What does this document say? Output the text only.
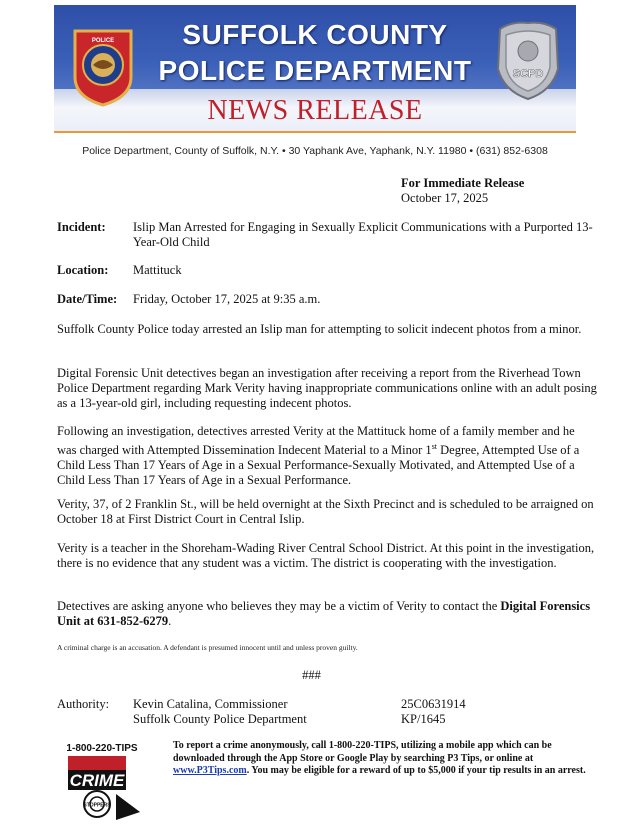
POLICE	SUFFOLK COUNTY
POLICE DEPARTMENT
NEWS RELEASE
SCPD
Police Department, County of Suffolk, N.Y. • 30 Yaphank Ave, Yaphank, N.Y. 11980 • (631) 852-6308
For Immediate Release
October 17, 2025
Incident: Islip Man Arrested for Engaging in Sexually Explicit Communications with a Purported 13-Year-Old Child
Location: Mattituck
Date/Time: Friday, October 17, 2025 at 9:35 a.m.
Suffolk County Police today arrested an Islip man for attempting to solicit indecent photos from a minor.
Digital Forensic Unit detectives began an investigation after receiving a report from the Riverhead Town Police Department regarding Mark Verity having inappropriate communications online with an adult posing as a 13-year-old girl, including requesting indecent photos.
Following an investigation, detectives arrested Verity at the Mattituck home of a family member and he was charged with Attempted Dissemination Indecent Material to a Minor 1st Degree, Attempted Use of a Child Less Than 17 Years of Age in a Sexual Performance-Sexually Motivated, and Attempted Use of a Child Less Than 17 Years of Age in a Sexual Performance.
Verity, 37, of 2 Franklin St., will be held overnight at the Sixth Precinct and is scheduled to be arraigned on October 18 at First District Court in Central Islip.
Verity is a teacher in the Shoreham-Wading River Central School District. At this point in the investigation, there is no evidence that any student was a victim. The district is cooperating with the investigation.
Detectives are asking anyone who believes they may be a victim of Verity to contact the Digital Forensics Unit at 631-852-6279.
A criminal charge is an accusation. A defendant is presumed innocent until and unless proven guilty.
###
Authority: Kevin Catalina, Commissioner
Suffolk County Police Department
25C0631914
KP/1645
1-800-220-TIPS
CRIME
STOPPERS
To report a crime anonymously, call 1-800-220-TIPS, utilizing a mobile app which can be downloaded through the App Store or Google Play by searching P3 Tips, or online at www.P3Tips.com. You may be eligible for a reward of up to $5,000 if your tip results in an arrest.
